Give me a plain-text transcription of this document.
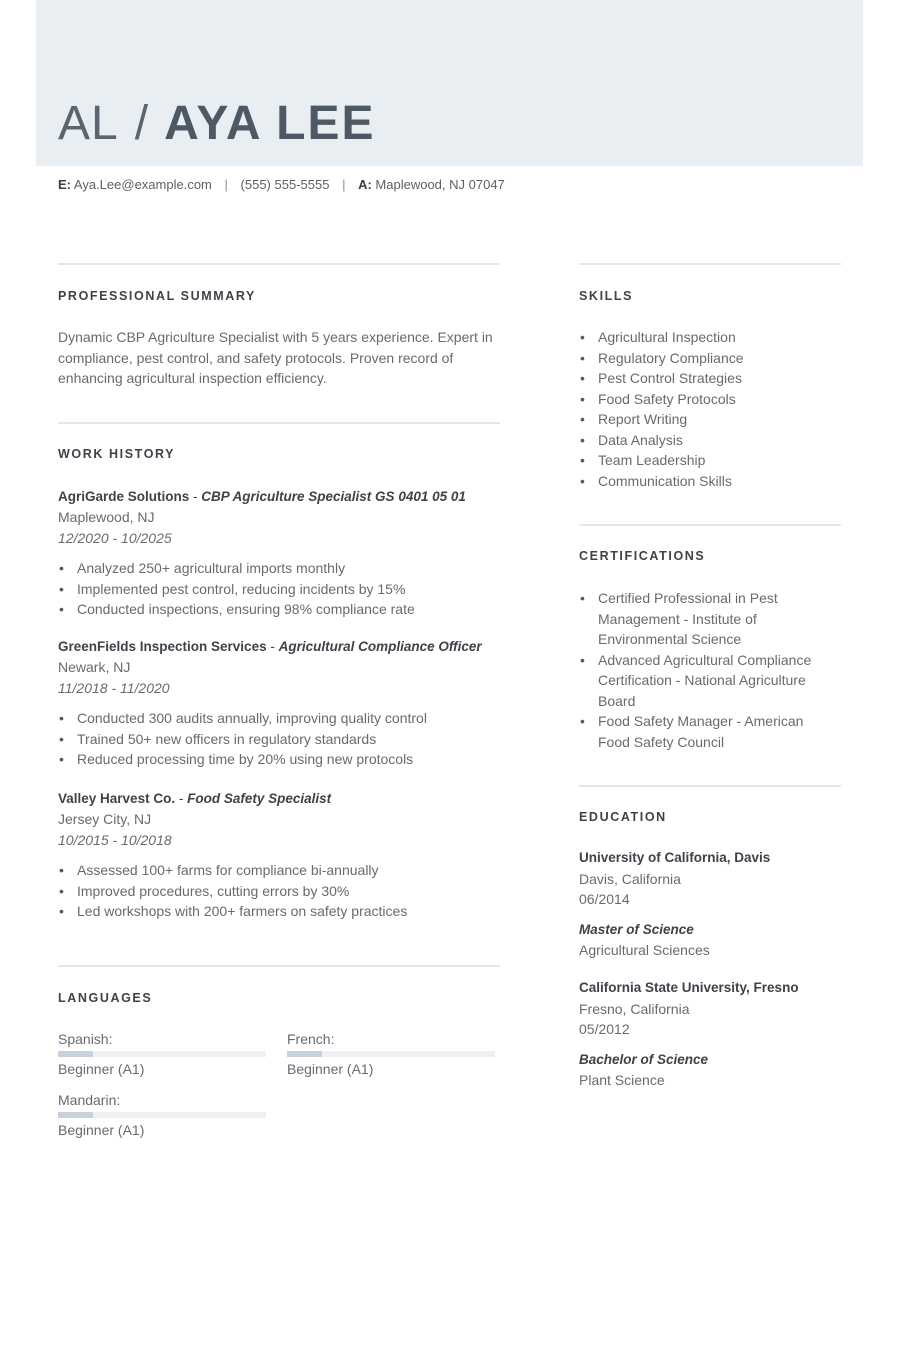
AL / AYA LEE
E: Aya.Lee@example.com | (555) 555-5555 | A: Maplewood, NJ 07047
PROFESSIONAL SUMMARY
Dynamic CBP Agriculture Specialist with 5 years experience. Expert in compliance, pest control, and safety protocols. Proven record of enhancing agricultural inspection efficiency.
WORK HISTORY
AgriGarde Solutions - CBP Agriculture Specialist GS 0401 05 01
Maplewood, NJ
12/2020 - 10/2025
• Analyzed 250+ agricultural imports monthly
• Implemented pest control, reducing incidents by 15%
• Conducted inspections, ensuring 98% compliance rate
GreenFields Inspection Services - Agricultural Compliance Officer
Newark, NJ
11/2018 - 11/2020
• Conducted 300 audits annually, improving quality control
• Trained 50+ new officers in regulatory standards
• Reduced processing time by 20% using new protocols
Valley Harvest Co. - Food Safety Specialist
Jersey City, NJ
10/2015 - 10/2018
• Assessed 100+ farms for compliance bi-annually
• Improved procedures, cutting errors by 30%
• Led workshops with 200+ farmers on safety practices
LANGUAGES
Spanish:
Beginner (A1)
French:
Beginner (A1)
Mandarin:
Beginner (A1)
SKILLS
• Agricultural Inspection
• Regulatory Compliance
• Pest Control Strategies
• Food Safety Protocols
• Report Writing
• Data Analysis
• Team Leadership
• Communication Skills
CERTIFICATIONS
• Certified Professional in Pest Management - Institute of Environmental Science
• Advanced Agricultural Compliance Certification - National Agriculture Board
• Food Safety Manager - American Food Safety Council
EDUCATION
University of California, Davis
Davis, California
06/2014
Master of Science
Agricultural Sciences
California State University, Fresno
Fresno, California
05/2012
Bachelor of Science
Plant Science
